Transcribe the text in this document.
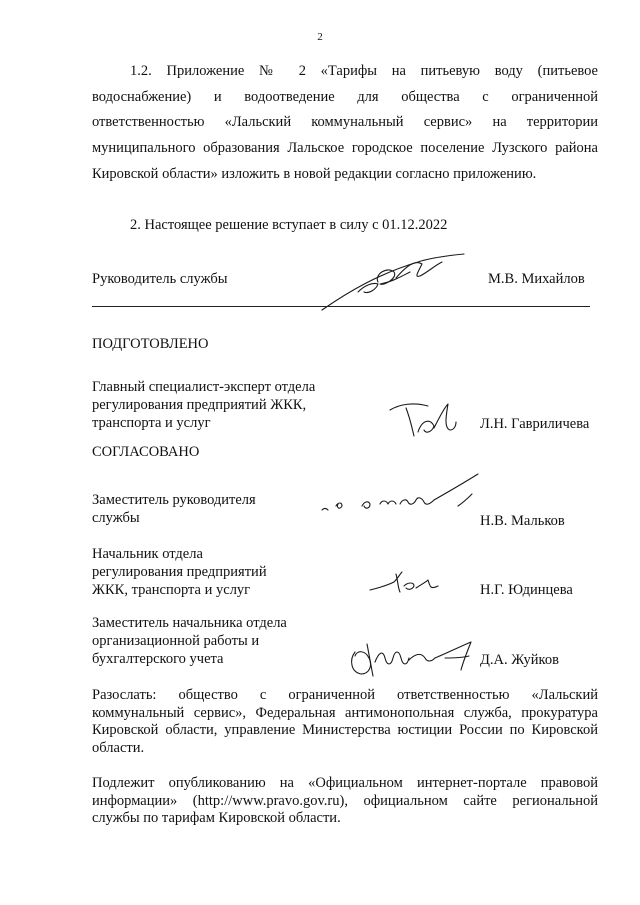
2
1.2. Приложение № 2 «Тарифы на питьевую воду (питьевое водоснабжение) и водоотведение для общества с ограниченной ответственностью «Лальский коммунальный сервис» на территории муниципального образования Лальское городское поселение Лузского района Кировской области» изложить в новой редакции согласно приложению.
2. Настоящее решение вступает в силу с 01.12.2022
Руководитель службы	М.В. Михайлов
ПОДГОТОВЛЕНО
Главный специалист-эксперт отдела
регулирования предприятий ЖКК,
транспорта и услуг	Л.Н. Гавриличева
СОГЛАСОВАНО
Заместитель руководителя
службы	Н.В. Мальков
Начальник отдела
регулирования предприятий
ЖКК, транспорта и услуг	Н.Г. Юдинцева
Заместитель начальника отдела
организационной работы и
бухгалтерского учета	Д.А. Жуйков
Разослать: общество с ограниченной ответственностью «Лальский коммунальный сервис», Федеральная антимонопольная служба, прокуратура Кировской области, управление Министерства юстиции России по Кировской области.
Подлежит опубликованию на «Официальном интернет-портале правовой информации» (http://www.pravo.gov.ru), официальном сайте региональной службы по тарифам Кировской области.
